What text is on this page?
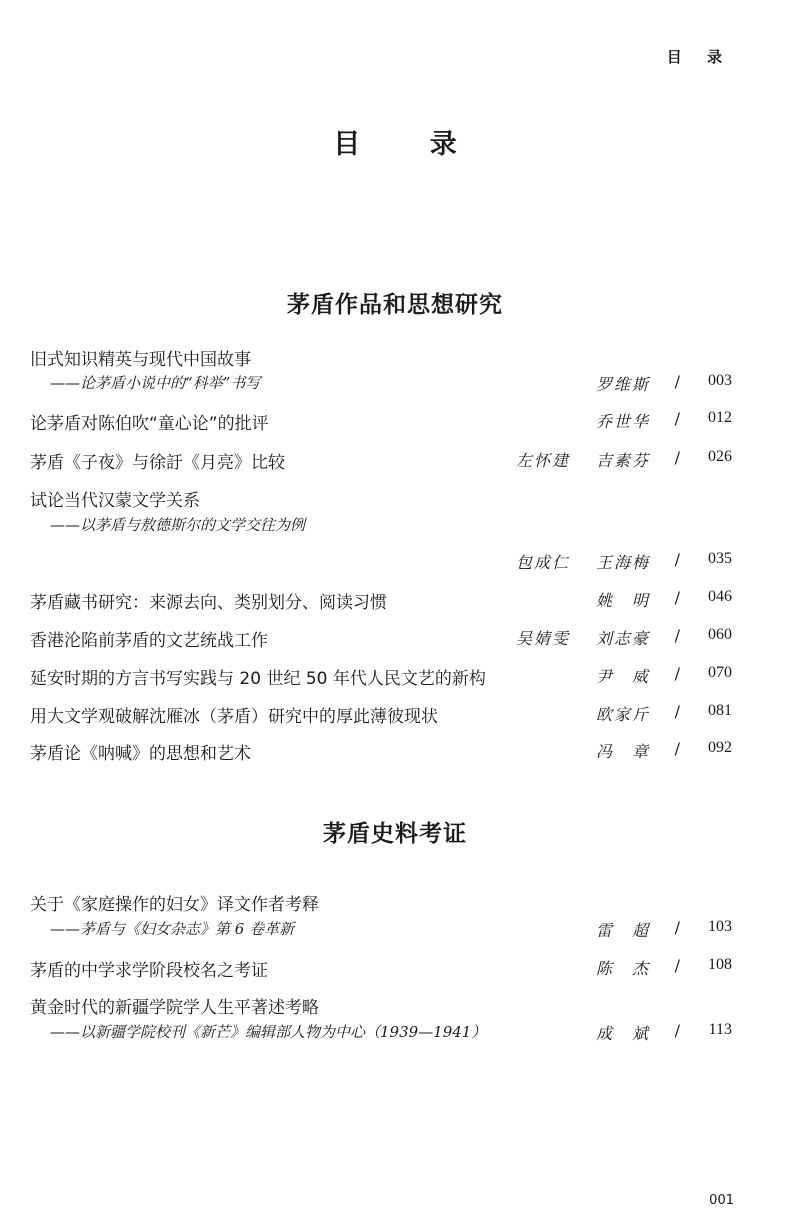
目 录
目 录
茅盾作品和思想研究
旧式知识精英与现代中国故事
——论茅盾小说中的“科举”书写	罗维斯 /	003
论茅盾对陈伯吹“童心论”的批评	乔世华 /	012
茅盾《子夜》与徐訏《月亮》比较	左怀建 吉素芬 /	026
试论当代汉蒙文学关系
——以茅盾与敖德斯尔的文学交往为例
包成仁 王海梅 /	035
茅盾藏书研究：来源去向、类别划分、阅读习惯	姚　明 /	046
香港沦陷前茅盾的文艺统战工作	吴婧雯 刘志豪 /	060
延安时期的方言书写实践与 20 世纪 50 年代人民文艺的新构	尹　威 /	070
用大文学观破解沈雁冰（茅盾）研究中的厚此薄彼现状	欧家斤 /	081
茅盾论《呐喊》的思想和艺术	冯　章 /	092
茅盾史料考证
关于《家庭操作的妇女》译文作者考释
——茅盾与《妇女杂志》第 6 卷革新	雷　超 /	103
茅盾的中学求学阶段校名之考证	陈　杰 /	108
黄金时代的新疆学院学人生平著述考略
——以新疆学院校刊《新芒》编辑部人物为中心（1939—1941）	成　斌 /	113
001
